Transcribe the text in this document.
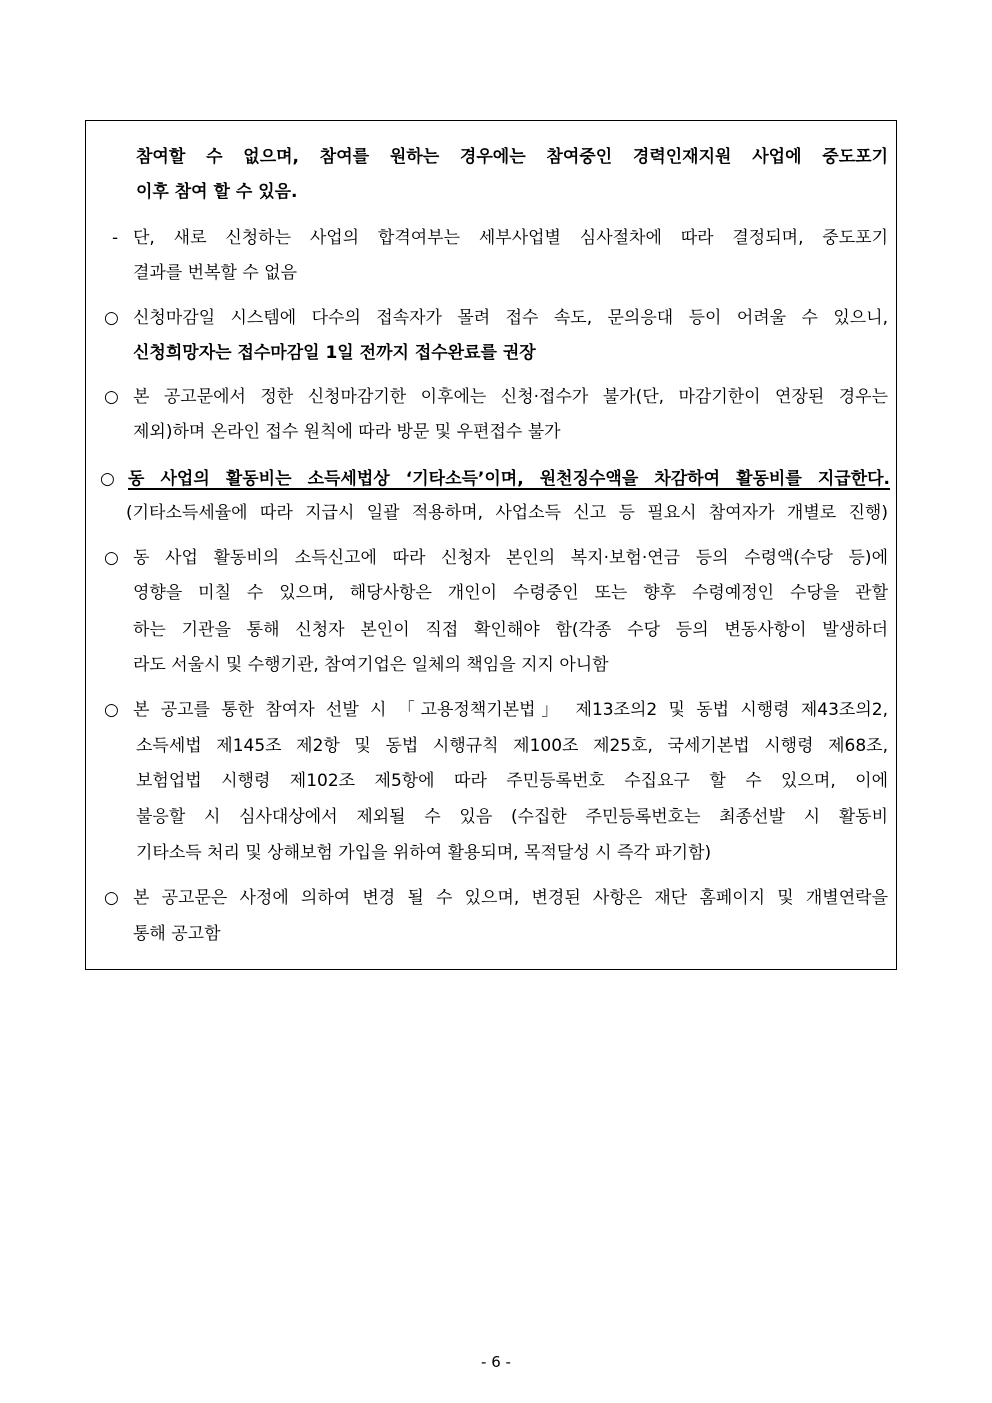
참여할 수 없으며, 참여를 원하는 경우에는 참여중인 경력인재지원 사업에 중도포기
이후 참여 할 수 있음.
- 단, 새로 신청하는 사업의 합격여부는 세부사업별 심사절차에 따라 결정되며, 중도포기
결과를 번복할 수 없음
○ 신청마감일 시스템에 다수의 접속자가 몰려 접수 속도, 문의응대 등이 어려울 수 있으니,
신청희망자는 접수마감일 1일 전까지 접수완료를 권장
○ 본 공고문에서 정한 신청마감기한 이후에는 신청·접수가 불가(단, 마감기한이 연장된 경우는
제외)하며 온라인 접수 원칙에 따라 방문 및 우편접수 불가
○ 동 사업의 활동비는 소득세법상 ‘기타소득’이며, 원천징수액을 차감하여 활동비를 지급한다.
(기타소득세율에 따라 지급시 일괄 적용하며, 사업소득 신고 등 필요시 참여자가 개별로 진행)
○ 동 사업 활동비의 소득신고에 따라 신청자 본인의 복지·보험·연금 등의 수령액(수당 등)에
영향을 미칠 수 있으며, 해당사항은 개인이 수령중인 또는 향후 수령예정인 수당을 관할
하는 기관을 통해 신청자 본인이 직접 확인해야 함(각종 수당 등의 변동사항이 발생하더
라도 서울시 및 수행기관, 참여기업은 일체의 책임을 지지 아니함
○ 본 공고를 통한 참여자 선발 시 「고용정책기본법」 제13조의2 및 동법 시행령 제43조의2,
소득세법 제145조 제2항 및 동법 시행규칙 제100조 제25호, 국세기본법 시행령 제68조,
보험업법 시행령 제102조 제5항에 따라 주민등록번호 수집요구 할 수 있으며, 이에
불응할 시 심사대상에서 제외될 수 있음 (수집한 주민등록번호는 최종선발 시 활동비
기타소득 처리 및 상해보험 가입을 위하여 활용되며, 목적달성 시 즉각 파기함)
○ 본 공고문은 사정에 의하여 변경 될 수 있으며, 변경된 사항은 재단 홈페이지 및 개별연락을
통해 공고함
- 6 -
